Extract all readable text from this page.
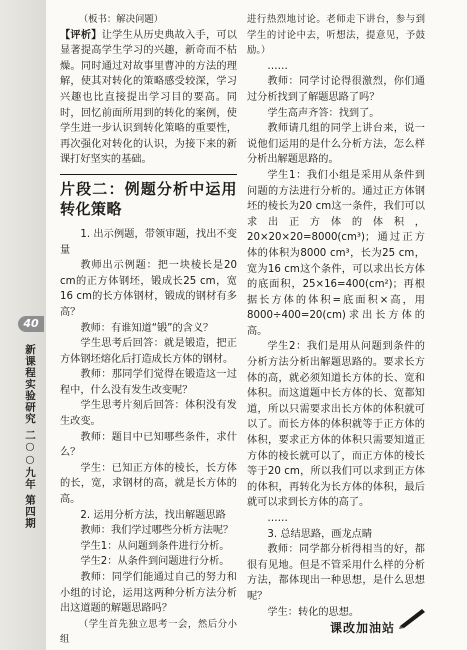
40
新课程实验研究 二○○九年 第四期

（板书：解决问题）

【评析】让学生从历史典故入手，可以显著提高学生学习的兴趣，新奇而不枯燥。同时通过对故事里曹冲的方法的理解，使其对转化的策略感受较深，学习兴趣也比直接提出学习目的要高。同时，回忆前面所用到的转化的案例，使学生进一步认识到转化策略的重要性，再次强化对转化的认识，为接下来的新课打好坚实的基础。

片段二：例题分析中运用转化策略

1. 出示例题，带领审题，找出不变量

教师出示例题：把一块棱长是20 cm的正方体钢坯，锻成长25 cm，宽16 cm的长方体钢材，锻成的钢材有多高？

教师：有谁知道“锻”的含义？

学生思考后回答：就是锻造，把正方体钢坯熔化后打造成长方体的钢材。

教师：那同学们觉得在锻造这一过程中，什么没有发生改变呢？

学生思考片刻后回答：体积没有发生改变。

教师：题目中已知哪些条件，求什么？

学生：已知正方体的棱长，长方体的长，宽，求钢材的高，就是长方体的高。

2. 运用分析方法，找出解题思路

教师：我们学过哪些分析方法呢？

学生1：从问题到条件进行分析。

学生2：从条件到问题进行分析。

教师：同学们能通过自己的努力和小组的讨论，运用这两种分析方法分析出这道题的解题思路吗？

（学生首先独立思考一会，然后分小组

进行热烈地讨论。老师走下讲台，参与到学生的讨论中去，听想法，提意见，予鼓励。）

……

教师：同学讨论得很激烈，你们通过分析找到了解题思路了吗？

学生高声齐答：找到了。

教师请几组的同学上讲台来，说一说他们运用的是什么分析方法，怎么样分析出解题思路的。

学生1：我们小组是采用从条件到问题的方法进行分析的。通过正方体钢坯的棱长为20 cm这一条件，我们可以求出正方体的体积，20×20×20=8000(cm³)；通过正方体的体积为8000 cm³，长为25 cm，宽为16 cm这个条件，可以求出长方体的底面积，25×16=400(cm²)；再根据长方体的体积=底面积×高，用8000÷400=20(cm)求出长方体的高。

学生2：我们是用从问题到条件的分析方法分析出解题思路的。要求长方体的高，就必须知道长方体的长、宽和体积。而这道题中长方体的长、宽都知道，所以只需要求出长方体的体积就可以了。而长方体的体积就等于正方体的体积，要求正方体的体积只需要知道正方体的棱长就可以了，而正方体的棱长等于20 cm，所以我们可以求到正方体的体积，再转化为长方体的体积，最后就可以求到长方体的高了。

……

3. 总结思路，画龙点睛

教师：同学都分析得相当的好，都很有见地。但是不管采用什么样的分析方法，都体现出一种思想，是什么思想呢？

学生：转化的思想。

课改加油站
